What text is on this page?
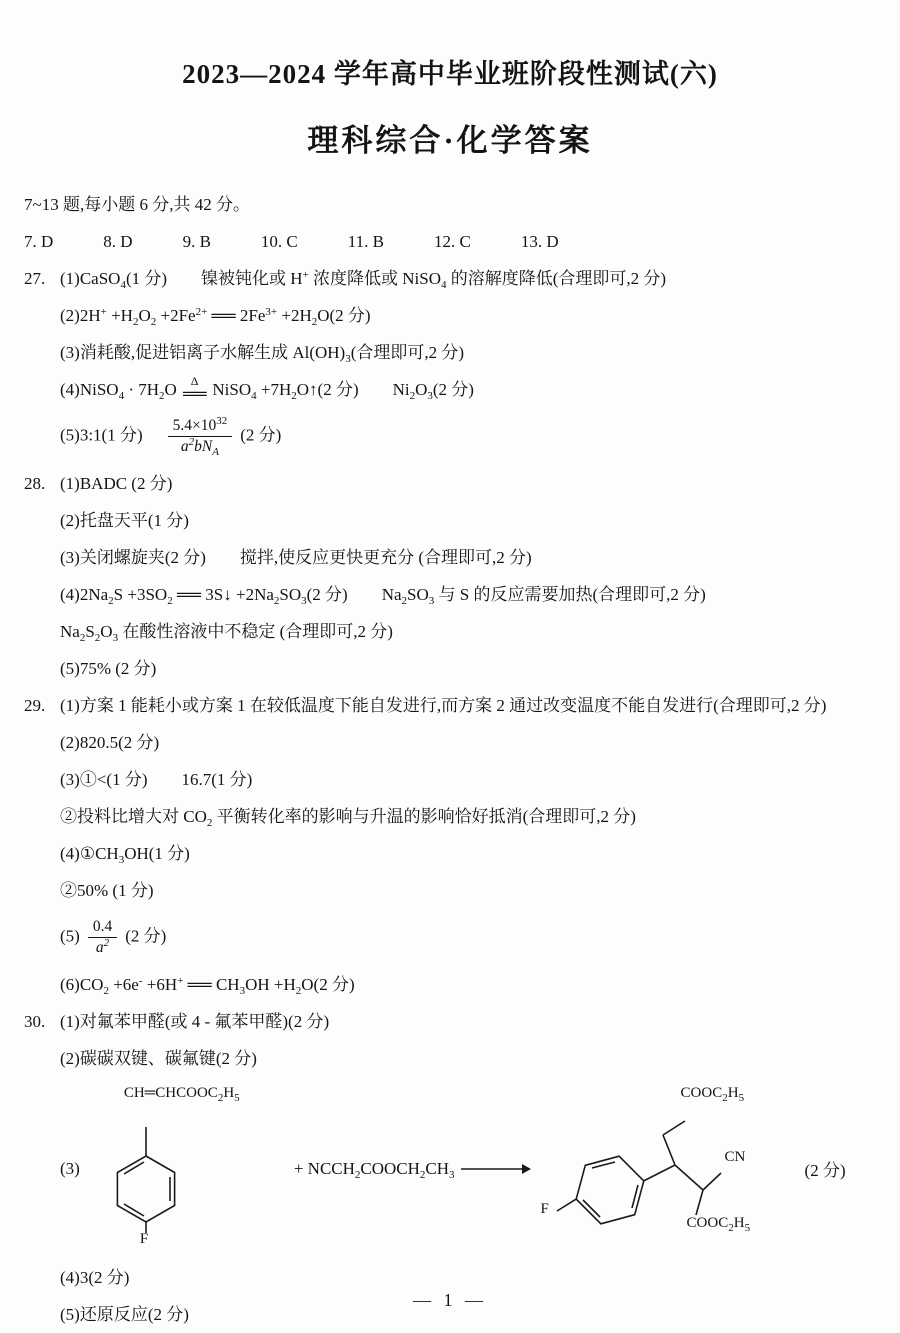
2023—2024 学年高中毕业班阶段性测试(六)
理科综合·化学答案
7~13 题,每小题 6 分,共 42 分。
7. D	8. D	9. B	10. C	11. B	12. C	13. D
27. (1)CaSO$_4$(1 分)　　镍被钝化或 H+ 浓度降低或 NiSO$_4$ 的溶解度降低(合理即可,2 分)
$(2)2H^+ +H_2O_2 +2Fe^{2+}$ ══ $2Fe^{3+} +2H_2O(2$ 分)
(3)消耗酸,促进铝离子水解生成 $Al(OH)_3$(合理即可,2 分)
(4)NiSO$_4$ · $7H_2O$ Δ
══ NiSO$_4$ $+7H_2O↑(2$ 分)　　$Ni_2O_3(2$ 分)
(5)3:1(1 分)　 $\frac{5.4\times 10^{32}}{a^2bN_A} (2$ 分)
28. (1)BADC (2 分)
(2)托盘天平(1 分)
(3)关闭螺旋夹(2 分)　　搅拌,使反应更快更充分 (合理即可,2 分)
$(4)2Na_2S +3SO_2$ ══ 3S↓ $+2Na_2SO_3(2$ 分)　　$Na_2SO_3$ 与 S 的反应需要加热(合理即可,2 分)
$Na_2S_2O_3$ 在酸性溶液中不稳定 (合理即可,2 分)
(5)75% (2 分)
29. (1)方案 1 能耗小或方案 1 在较低温度下能自发进行,而方案 2 通过改变温度不能自发进行(合理即可,2 分)
(2)820.5(2 分)
(3)①<(1 分)　　16.7(1 分)
②投料比增大对 $CO_2$ 平衡转化率的影响与升温的影响恰好抵消(合理即可,2 分)
$(4)①CH_3OH(1$ 分)
②50% (1 分)
$(5) \frac{0.4}{a^2} (2$ 分)
$(6)CO_2 +6e^- +6H^+$ ══ $CH_3OH +H_2O(2$ 分)
30. (1)对氟苯甲醛(或 4 - 氟苯甲醛)(2 分)
(2)碳碳双键、碳氟键(2 分)
(3)
$CH═CHCOOC_2H_5$
F
+ $NCCH_2COOCH_2CH_3$
$COOC_2H_5$
CN
$COOC_2H_5$
F
(2 分)
(4)3(2 分)
(5)还原反应(2 分)
— 1 —
